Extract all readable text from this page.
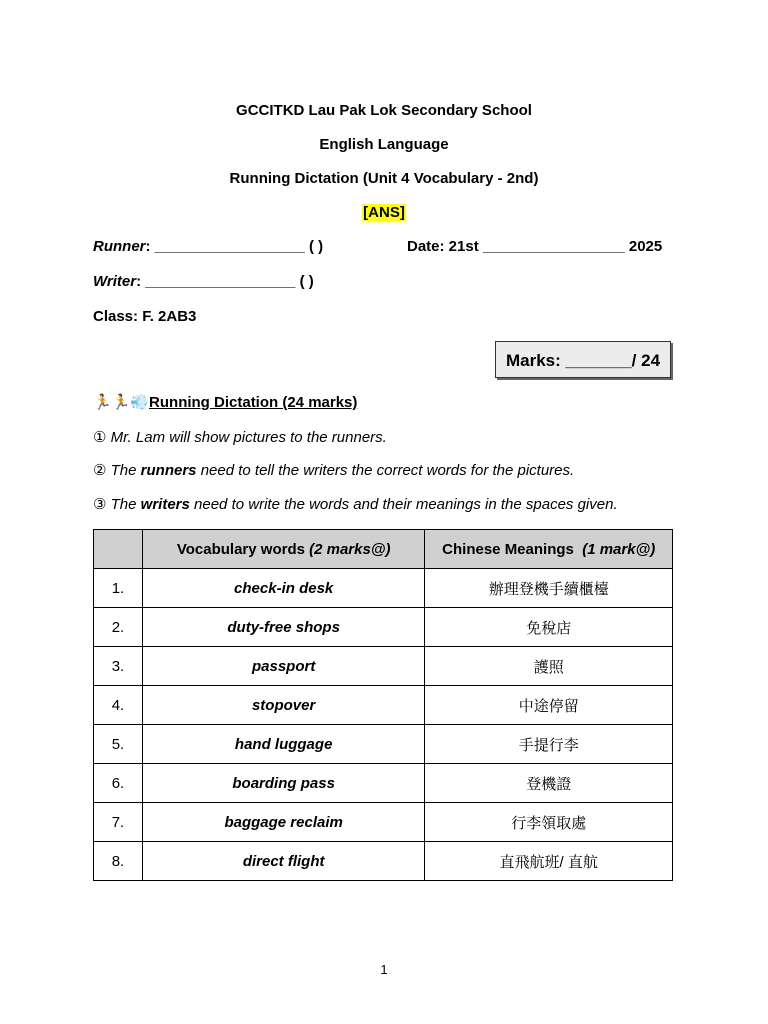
GCCITKD Lau Pak Lok Secondary School
English Language
Running Dictation (Unit 4 Vocabulary - 2nd)
[ANS]
Runner: __________________ ( )	Date: 21st _________________ 2025
Writer: __________________ ( )
Class: F. 2AB3
Marks: _______/ 24
🏃🏃💨Running Dictation (24 marks)
① Mr. Lam will show pictures to the runners.
② The runners need to tell the writers the correct words for the pictures.
③ The writers need to write the words and their meanings in the spaces given.
	Vocabulary words (2 marks@)	Chinese Meanings (1 mark@)
1.	check-in desk	辦理登機手續櫃檯
2.	duty-free shops	免稅店
3.	passport	護照
4.	stopover	中途停留
5.	hand luggage	手提行李
6.	boarding pass	登機證
7.	baggage reclaim	行李領取處
8.	direct flight	直飛航班/ 直航
1
